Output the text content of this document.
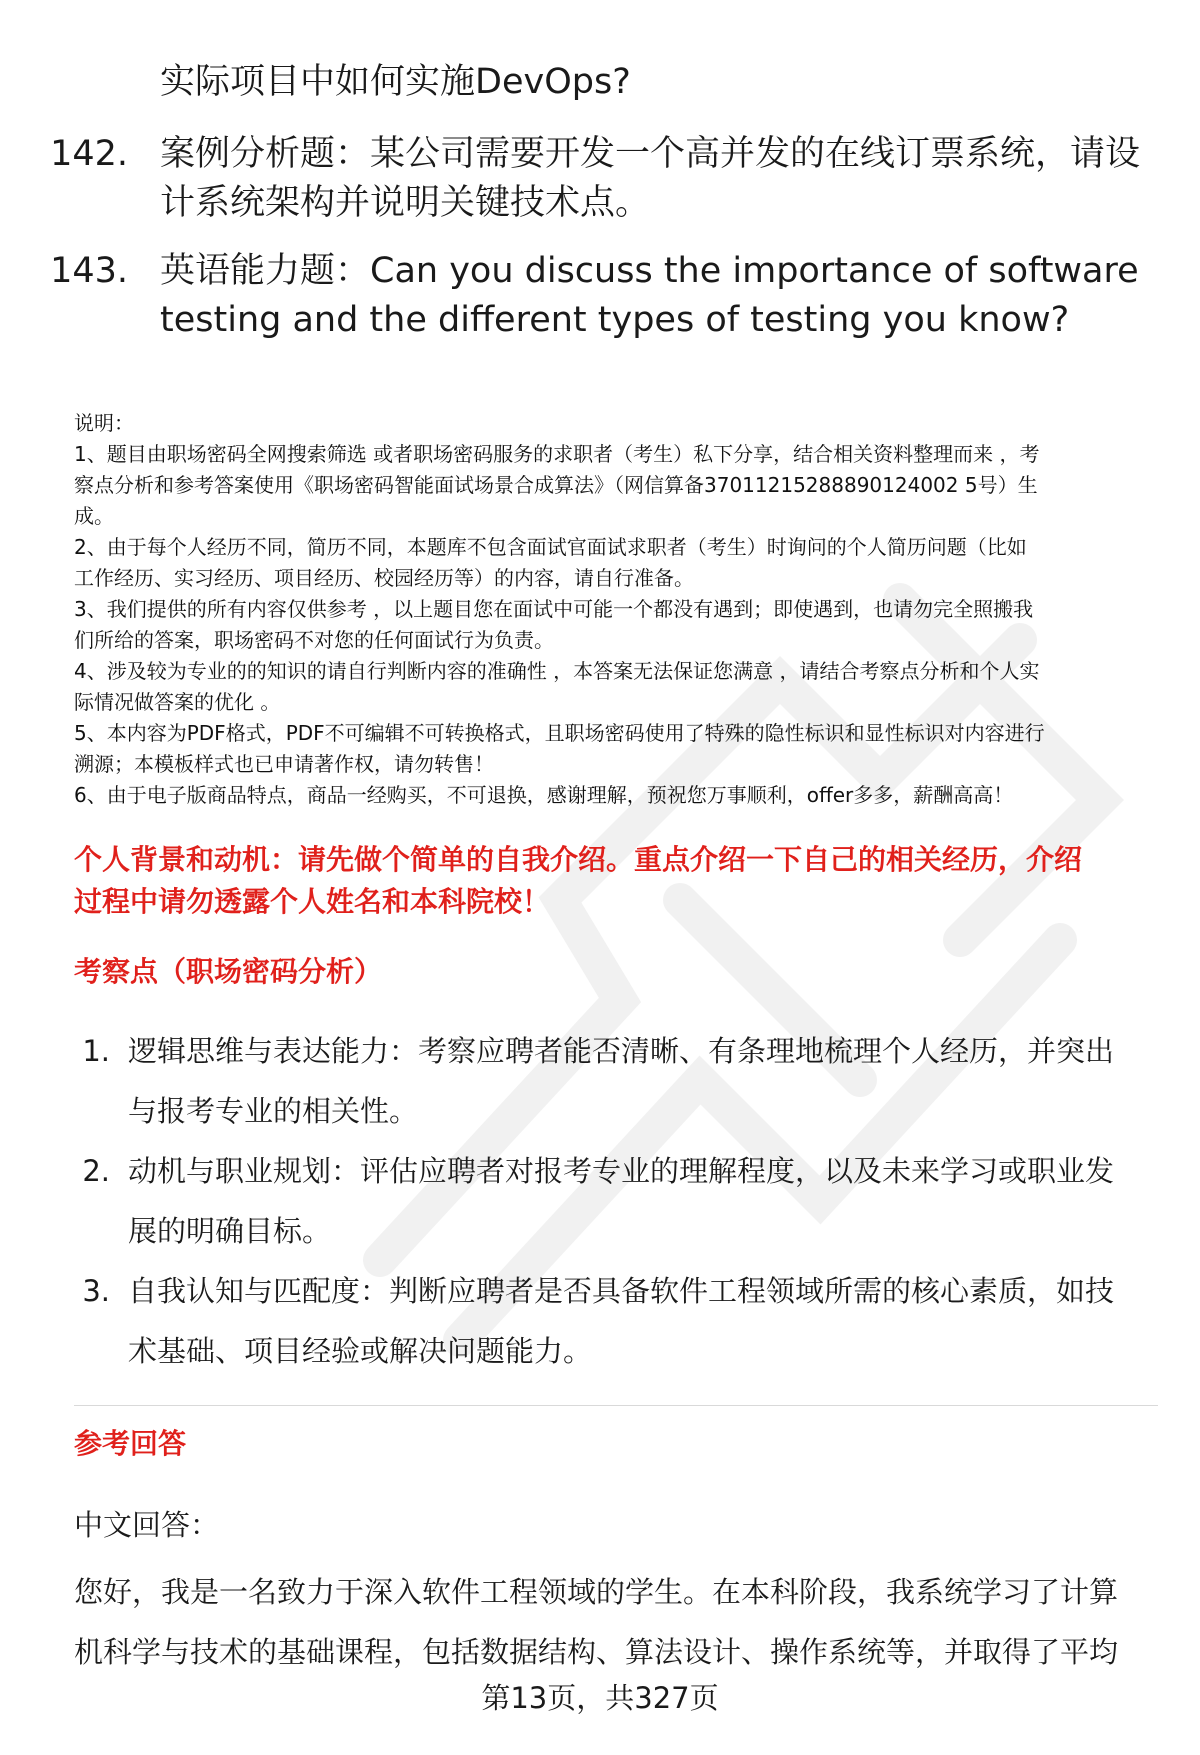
实际项目中如何实施DevOps?
142. 案例分析题：某公司需要开发一个高并发的在线订票系统，请设
计系统架构并说明关键技术点。
143. 英语能力题：Can you discuss the importance of software
testing and the different types of testing you know?
说明：
1、题目由职场密码全网搜索筛选 或者职场密码服务的求职者（考生）私下分享，结合相关资料整理而来 ，考
察点分析和参考答案使用《职场密码智能面试场景合成算法》（网信算备37011215288890124002 5号）生
成。
2、由于每个人经历不同，简历不同，本题库不包含面试官面试求职者（考生）时询问的个人简历问题（比如
工作经历、实习经历、项目经历、校园经历等）的内容，请自行准备。
3、我们提供的所有内容仅供参考 ，以上题目您在面试中可能一个都没有遇到；即使遇到，也请勿完全照搬我
们所给的答案，职场密码不对您的任何面试行为负责。
4、涉及较为专业的的知识的请自行判断内容的准确性 ，本答案无法保证您满意 ，请结合考察点分析和个人实
际情况做答案的优化 。
5、本内容为PDF格式，PDF不可编辑不可转换格式，且职场密码使用了特殊的隐性标识和显性标识对内容进行
溯源；本模板样式也已申请著作权，请勿转售！
6、由于电子版商品特点，商品一经购买，不可退换，感谢理解，预祝您万事顺利，offer多多，薪酬高高！
个人背景和动机：请先做个简单的自我介绍。重点介绍一下自己的相关经历，介绍
过程中请勿透露个人姓名和本科院校！
考察点（职场密码分析）
1. 逻辑思维与表达能力：考察应聘者能否清晰、有条理地梳理个人经历，并突出
与报考专业的相关性。
2. 动机与职业规划：评估应聘者对报考专业的理解程度，以及未来学习或职业发
展的明确目标。
3. 自我认知与匹配度：判断应聘者是否具备软件工程领域所需的核心素质，如技
术基础、项目经验或解决问题能力。
参考回答
中文回答：
您好，我是一名致力于深入软件工程领域的学生。在本科阶段，我系统学习了计算
机科学与技术的基础课程，包括数据结构、算法设计、操作系统等，并取得了平均
第13页，共327页
